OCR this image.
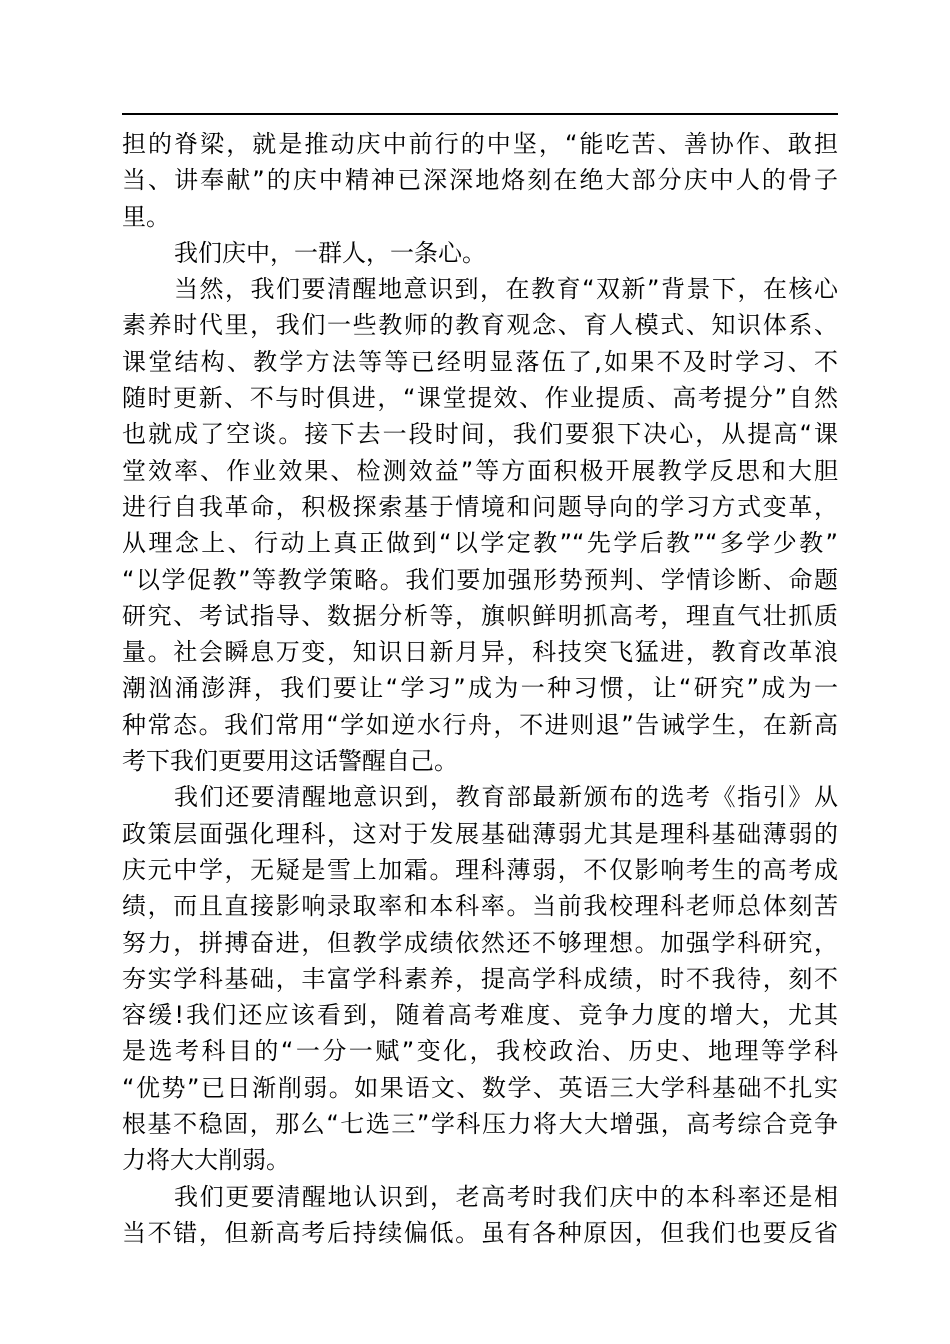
担的脊梁，就是推动庆中前行的中坚，“能吃苦、善协作、敢担
当、讲奉献”的庆中精神已深深地烙刻在绝大部分庆中人的骨子
里。
我们庆中，一群人，一条心。
当然，我们要清醒地意识到，在教育“双新”背景下，在核心
素养时代里，我们一些教师的教育观念、育人模式、知识体系、
课堂结构、教学方法等等已经明显落伍了,如果不及时学习、不
随时更新、不与时俱进，“课堂提效、作业提质、高考提分”自然
也就成了空谈。接下去一段时间，我们要狠下决心，从提高“课
堂效率、作业效果、检测效益”等方面积极开展教学反思和大胆
进行自我革命，积极探索基于情境和问题导向的学习方式变革，
从理念上、行动上真正做到“以学定教”“先学后教”“多学少教”
“以学促教”等教学策略。我们要加强形势预判、学情诊断、命题
研究、考试指导、数据分析等，旗帜鲜明抓高考，理直气壮抓质
量。社会瞬息万变，知识日新月异，科技突飞猛进，教育改革浪
潮汹涌澎湃，我们要让“学习”成为一种习惯，让“研究”成为一
种常态。我们常用“学如逆水行舟，不进则退”告诫学生，在新高
考下我们更要用这话警醒自己。
我们还要清醒地意识到，教育部最新颁布的选考《指引》从
政策层面强化理科，这对于发展基础薄弱尤其是理科基础薄弱的
庆元中学，无疑是雪上加霜。理科薄弱，不仅影响考生的高考成
绩，而且直接影响录取率和本科率。当前我校理科老师总体刻苦
努力，拼搏奋进，但教学成绩依然还不够理想。加强学科研究，
夯实学科基础，丰富学科素养，提高学科成绩，时不我待，刻不
容缓!我们还应该看到，随着高考难度、竞争力度的增大，尤其
是选考科目的“一分一赋”变化，我校政治、历史、地理等学科
“优势”已日渐削弱。如果语文、数学、英语三大学科基础不扎实
根基不稳固，那么“七选三”学科压力将大大增强，高考综合竞争
力将大大削弱。
我们更要清醒地认识到，老高考时我们庆中的本科率还是相
当不错，但新高考后持续偏低。虽有各种原因，但我们也要反省
